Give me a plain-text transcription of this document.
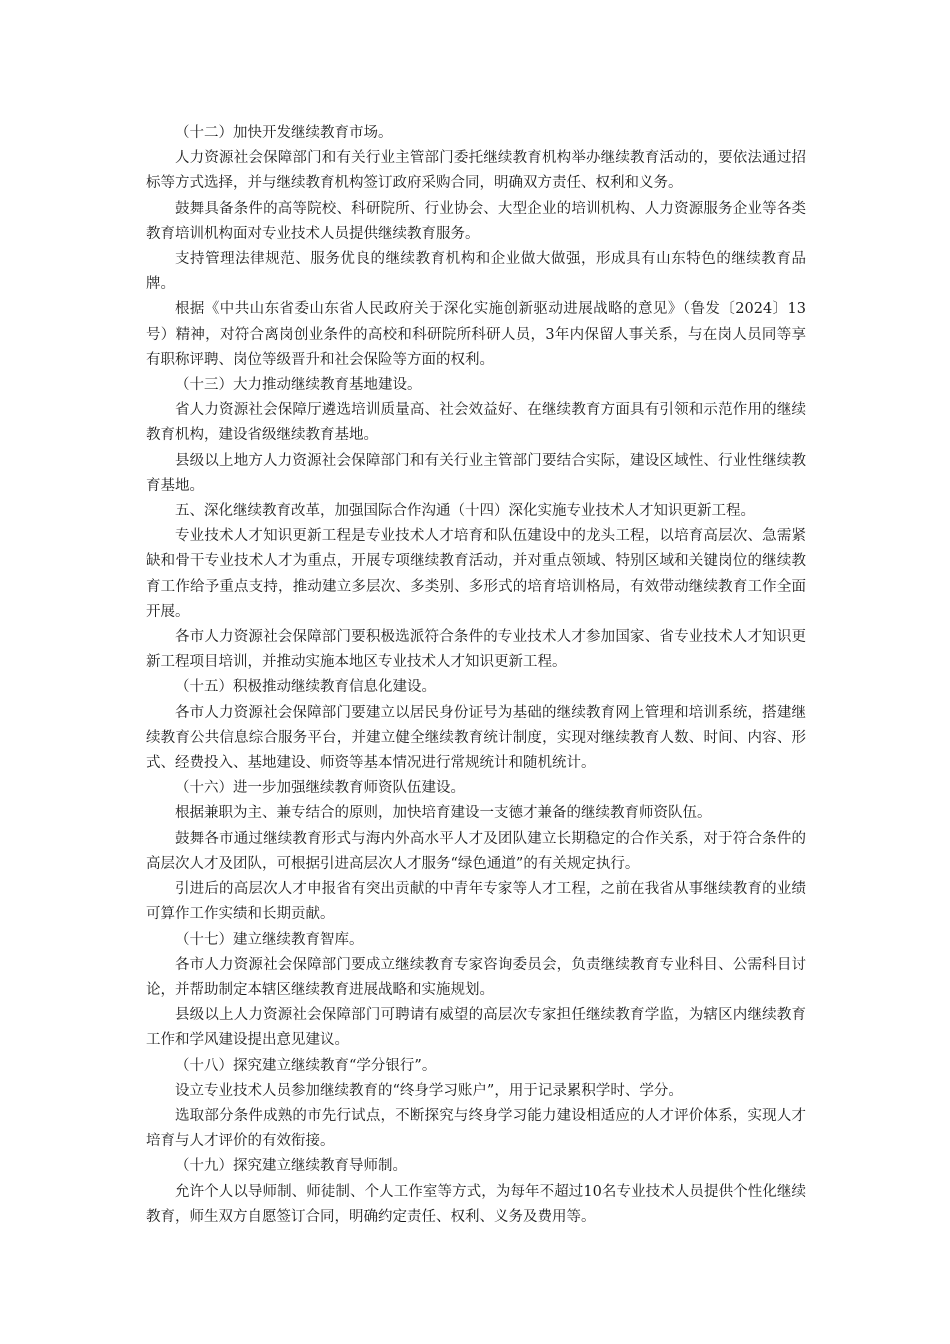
（十二）加快开发继续教育市场。

人力资源社会保障部门和有关行业主管部门委托继续教育机构举办继续教育活动的，要依法通过招标等方式选择，并与继续教育机构签订政府采购合同，明确双方责任、权利和义务。

鼓舞具备条件的高等院校、科研院所、行业协会、大型企业的培训机构、人力资源服务企业等各类教育培训机构面对专业技术人员提供继续教育服务。

支持管理法律规范、服务优良的继续教育机构和企业做大做强，形成具有山东特色的继续教育品牌。

根据《中共山东省委山东省人民政府关于深化实施创新驱动进展战略的意见》（鲁发〔2024〕13号）精神，对符合离岗创业条件的高校和科研院所科研人员，3年内保留人事关系，与在岗人员同等享有职称评聘、岗位等级晋升和社会保险等方面的权利。

（十三）大力推动继续教育基地建设。

省人力资源社会保障厅遴选培训质量高、社会效益好、在继续教育方面具有引领和示范作用的继续教育机构，建设省级继续教育基地。

县级以上地方人力资源社会保障部门和有关行业主管部门要结合实际，建设区域性、行业性继续教育基地。

五、深化继续教育改革，加强国际合作沟通（十四）深化实施专业技术人才知识更新工程。

专业技术人才知识更新工程是专业技术人才培育和队伍建设中的龙头工程，以培育高层次、急需紧缺和骨干专业技术人才为重点，开展专项继续教育活动，并对重点领域、特别区域和关键岗位的继续教育工作给予重点支持，推动建立多层次、多类别、多形式的培育培训格局，有效带动继续教育工作全面开展。

各市人力资源社会保障部门要积极选派符合条件的专业技术人才参加国家、省专业技术人才知识更新工程项目培训，并推动实施本地区专业技术人才知识更新工程。

（十五）积极推动继续教育信息化建设。

各市人力资源社会保障部门要建立以居民身份证号为基础的继续教育网上管理和培训系统，搭建继续教育公共信息综合服务平台，并建立健全继续教育统计制度，实现对继续教育人数、时间、内容、形式、经费投入、基地建设、师资等基本情况进行常规统计和随机统计。

（十六）进一步加强继续教育师资队伍建设。

根据兼职为主、兼专结合的原则，加快培育建设一支德才兼备的继续教育师资队伍。

鼓舞各市通过继续教育形式与海内外高水平人才及团队建立长期稳定的合作关系，对于符合条件的高层次人才及团队，可根据引进高层次人才服务“绿色通道”的有关规定执行。

引进后的高层次人才申报省有突出贡献的中青年专家等人才工程，之前在我省从事继续教育的业绩可算作工作实绩和长期贡献。

（十七）建立继续教育智库。

各市人力资源社会保障部门要成立继续教育专家咨询委员会，负责继续教育专业科目、公需科目讨论，并帮助制定本辖区继续教育进展战略和实施规划。

县级以上人力资源社会保障部门可聘请有威望的高层次专家担任继续教育学监，为辖区内继续教育工作和学风建设提出意见建议。

（十八）探究建立继续教育“学分银行”。

设立专业技术人员参加继续教育的“终身学习账户”，用于记录累积学时、学分。

选取部分条件成熟的市先行试点，不断探究与终身学习能力建设相适应的人才评价体系，实现人才培育与人才评价的有效衔接。

（十九）探究建立继续教育导师制。

允许个人以导师制、师徒制、个人工作室等方式，为每年不超过10名专业技术人员提供个性化继续教育，师生双方自愿签订合同，明确约定责任、权利、义务及费用等。
